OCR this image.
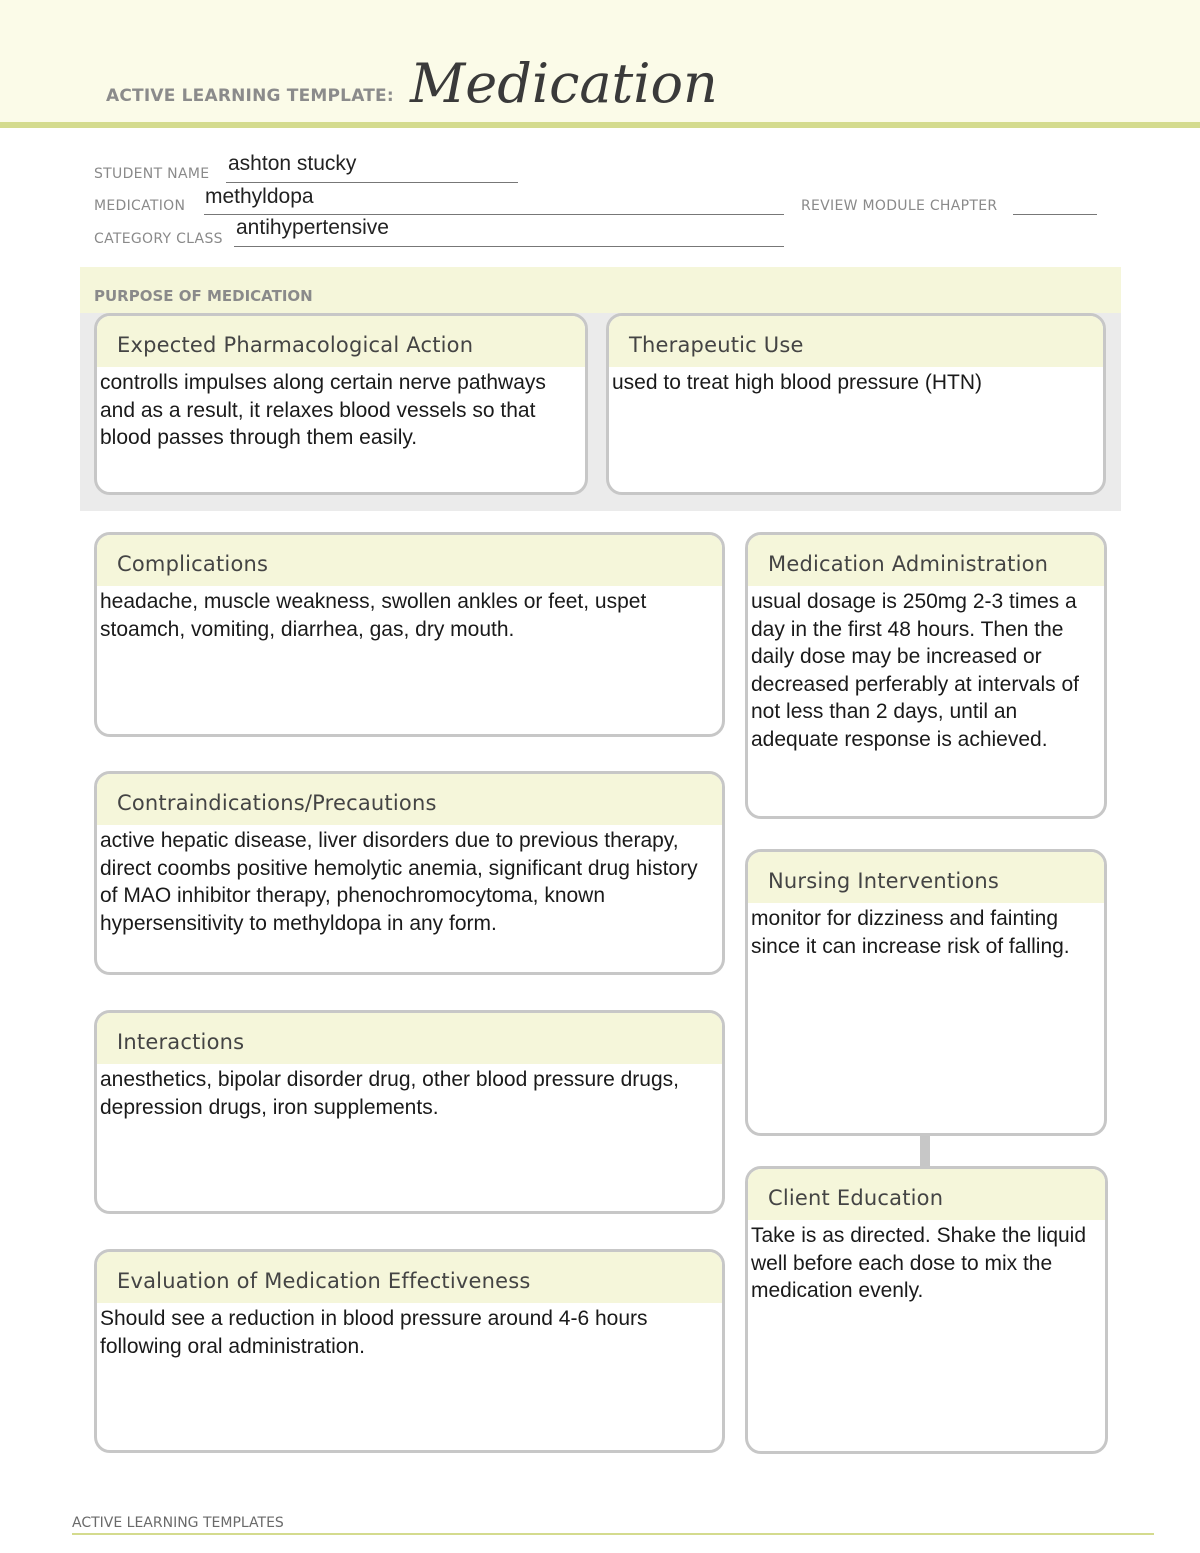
ACTIVE LEARNING TEMPLATE: Medication
STUDENT NAME ashton stucky
MEDICATION methyldopa	REVIEW MODULE CHAPTER
CATEGORY CLASS antihypertensive
PURPOSE OF MEDICATION
Expected Pharmacological Action
controlls impulses along certain nerve pathways and as a result, it relaxes blood vessels so that blood passes through them easily.
Therapeutic Use
used to treat high blood pressure (HTN)
Complications
headache, muscle weakness, swollen ankles or feet, uspet stoamch, vomiting, diarrhea, gas, dry mouth.
Contraindications/Precautions
active hepatic disease, liver disorders due to previous therapy, direct coombs positive hemolytic anemia, significant drug history of MAO inhibitor therapy, phenochromocytoma, known hypersensitivity to methyldopa in any form.
Interactions
anesthetics, bipolar disorder drug, other blood pressure drugs, depression drugs, iron supplements.
Evaluation of Medication Effectiveness
Should see a reduction in blood pressure around 4-6 hours following oral administration.
Medication Administration
usual dosage is 250mg 2-3 times a day in the first 48 hours. Then the daily dose may be increased or decreased perferably at intervals of not less than 2 days, until an adequate response is achieved.
Nursing Interventions
monitor for dizziness and fainting since it can increase risk of falling.
Client Education
Take is as directed. Shake the liquid well before each dose to mix the medication evenly.
ACTIVE LEARNING TEMPLATES
